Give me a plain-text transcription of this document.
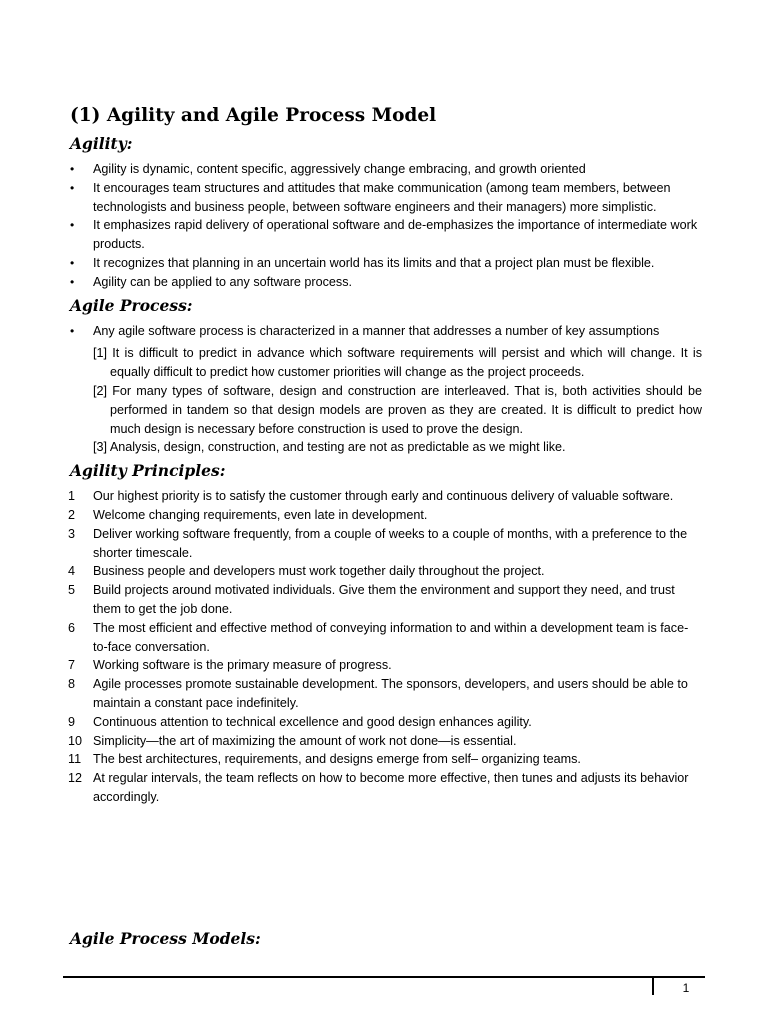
(1) Agility and Agile Process Model
Agility:
• Agility is dynamic, content specific, aggressively change embracing, and growth oriented
• It encourages team structures and attitudes that make communication (among team members, between technologists and business people, between software engineers and their managers) more simplistic.
• It emphasizes rapid delivery of operational software and de-emphasizes the importance of intermediate work products.
• It recognizes that planning in an uncertain world has its limits and that a project plan must be flexible.
• Agility can be applied to any software process.
Agile Process:
• Any agile software process is characterized in a manner that addresses a number of key assumptions
[1] It is difficult to predict in advance which software requirements will persist and which will change. It is equally difficult to predict how customer priorities will change as the project proceeds.
[2] For many types of software, design and construction are interleaved. That is, both activities should be performed in tandem so that design models are proven as they are created. It is difficult to predict how much design is necessary before construction is used to prove the design.
[3] Analysis, design, construction, and testing are not as predictable as we might like.
Agility Principles:
1	Our highest priority is to satisfy the customer through early and continuous delivery of valuable software.
2	Welcome changing requirements, even late in development.
3	Deliver working software frequently, from a couple of weeks to a couple of months, with a preference to the shorter timescale.
4	Business people and developers must work together daily throughout the project.
5	Build projects around motivated individuals. Give them the environment and support they need, and trust them to get the job done.
6	The most efficient and effective method of conveying information to and within a development team is face-to-face conversation.
7	Working software is the primary measure of progress.
8	Agile processes promote sustainable development. The sponsors, developers, and users should be able to maintain a constant pace indefinitely.
9	Continuous attention to technical excellence and good design enhances agility.
10 Simplicity—the art of maximizing the amount of work not done—is essential.
11 The best architectures, requirements, and designs emerge from self– organizing teams.
12 At regular intervals, the team reflects on how to become more effective, then tunes and adjusts its behavior accordingly.
Agile Process Models:
1
